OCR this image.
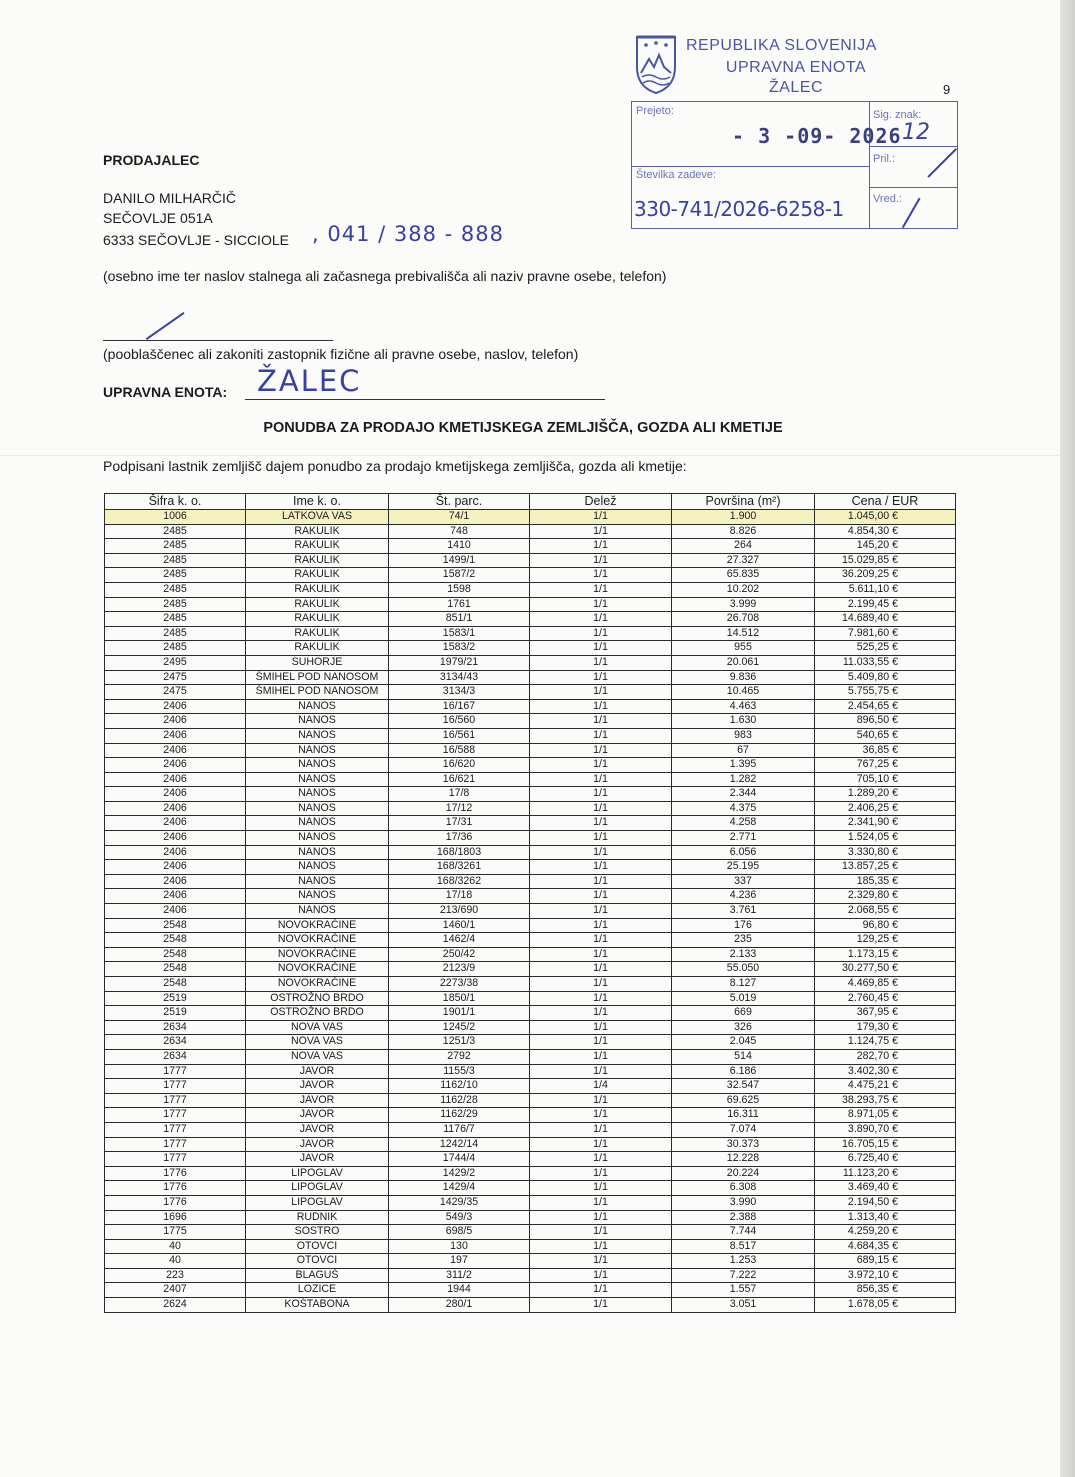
9
REPUBLIKA SLOVENIJA
UPRAVNA ENOTA
ŽALEC
Prejeto:
- 3 -09- 2026
Številka zadeve:
330-741/2026-6258-1
Sig. znak:
12
Pril.:
Vred.:
PRODAJALEC
DANILO MILHARČIČ
SEČOVLJE 051A
6333 SEČOVLJE - SICCIOLE , 041 / 388 - 888
(osebno ime ter naslov stalnega ali začasnega prebivališča ali naziv pravne osebe, telefon)
(pooblaščenec ali zakoniti zastopnik fizične ali pravne osebe, naslov, telefon)
UPRAVNA ENOTA: ŽALEC
PONUDBA ZA PRODAJO KMETIJSKEGA ZEMLJIŠČA, GOZDA ALI KMETIJE
Podpisani lastnik zemljišč dajem ponudbo za prodajo kmetijskega zemljišča, gozda ali kmetije:
Šifra k. o.	Ime k. o.	Št. parc.	Delež	Površina (m²)	Cena / EUR
1006	LATKOVA VAS	74/1	1/1	1.900	1.045,00 €
2485	RAKULIK	748	1/1	8.826	4.854,30 €
2485	RAKULIK	1410	1/1	264	145,20 €
2485	RAKULIK	1499/1	1/1	27.327	15.029,85 €
2485	RAKULIK	1587/2	1/1	65.835	36.209,25 €
2485	RAKULIK	1598	1/1	10.202	5.611,10 €
2485	RAKULIK	1761	1/1	3.999	2.199,45 €
2485	RAKULIK	851/1	1/1	26.708	14.689,40 €
2485	RAKULIK	1583/1	1/1	14.512	7.981,60 €
2485	RAKULIK	1583/2	1/1	955	525,25 €
2495	SUHORJE	1979/21	1/1	20.061	11.033,55 €
2475	ŠMIHEL POD NANOSOM	3134/43	1/1	9.836	5.409,80 €
2475	ŠMIHEL POD NANOSOM	3134/3	1/1	10.465	5.755,75 €
2406	NANOS	16/167	1/1	4.463	2.454,65 €
2406	NANOS	16/560	1/1	1.630	896,50 €
2406	NANOS	16/561	1/1	983	540,65 €
2406	NANOS	16/588	1/1	67	36,85 €
2406	NANOS	16/620	1/1	1.395	767,25 €
2406	NANOS	16/621	1/1	1.282	705,10 €
2406	NANOS	17/8	1/1	2.344	1.289,20 €
2406	NANOS	17/12	1/1	4.375	2.406,25 €
2406	NANOS	17/31	1/1	4.258	2.341,90 €
2406	NANOS	17/36	1/1	2.771	1.524,05 €
2406	NANOS	168/1803	1/1	6.056	3.330,80 €
2406	NANOS	168/3261	1/1	25.195	13.857,25 €
2406	NANOS	168/3262	1/1	337	185,35 €
2406	NANOS	17/18	1/1	4.236	2.329,80 €
2406	NANOS	213/690	1/1	3.761	2.068,55 €
2548	NOVOKRAČINE	1460/1	1/1	176	96,80 €
2548	NOVOKRAČINE	1462/4	1/1	235	129,25 €
2548	NOVOKRAČINE	250/42	1/1	2.133	1.173,15 €
2548	NOVOKRAČINE	2123/9	1/1	55.050	30.277,50 €
2548	NOVOKRAČINE	2273/38	1/1	8.127	4.469,85 €
2519	OSTROŽNO BRDO	1850/1	1/1	5.019	2.760,45 €
2519	OSTROŽNO BRDO	1901/1	1/1	669	367,95 €
2634	NOVA VAS	1245/2	1/1	326	179,30 €
2634	NOVA VAS	1251/3	1/1	2.045	1.124,75 €
2634	NOVA VAS	2792	1/1	514	282,70 €
1777	JAVOR	1155/3	1/1	6.186	3.402,30 €
1777	JAVOR	1162/10	1/4	32.547	4.475,21 €
1777	JAVOR	1162/28	1/1	69.625	38.293,75 €
1777	JAVOR	1162/29	1/1	16.311	8.971,05 €
1777	JAVOR	1176/7	1/1	7.074	3.890,70 €
1777	JAVOR	1242/14	1/1	30.373	16.705,15 €
1777	JAVOR	1744/4	1/1	12.228	6.725,40 €
1776	LIPOGLAV	1429/2	1/1	20.224	11.123,20 €
1776	LIPOGLAV	1429/4	1/1	6.308	3.469,40 €
1776	LIPOGLAV	1429/35	1/1	3.990	2.194,50 €
1696	RUDNIK	549/3	1/1	2.388	1.313,40 €
1775	SOSTRO	698/5	1/1	7.744	4.259,20 €
40	OTOVCI	130	1/1	8.517	4.684,35 €
40	OTOVCI	197	1/1	1.253	689,15 €
223	BLAGUŠ	311/2	1/1	7.222	3.972,10 €
2407	LOZICE	1944	1/1	1.557	856,35 €
2624	KOŠTABONA	280/1	1/1	3.051	1.678,05 €
